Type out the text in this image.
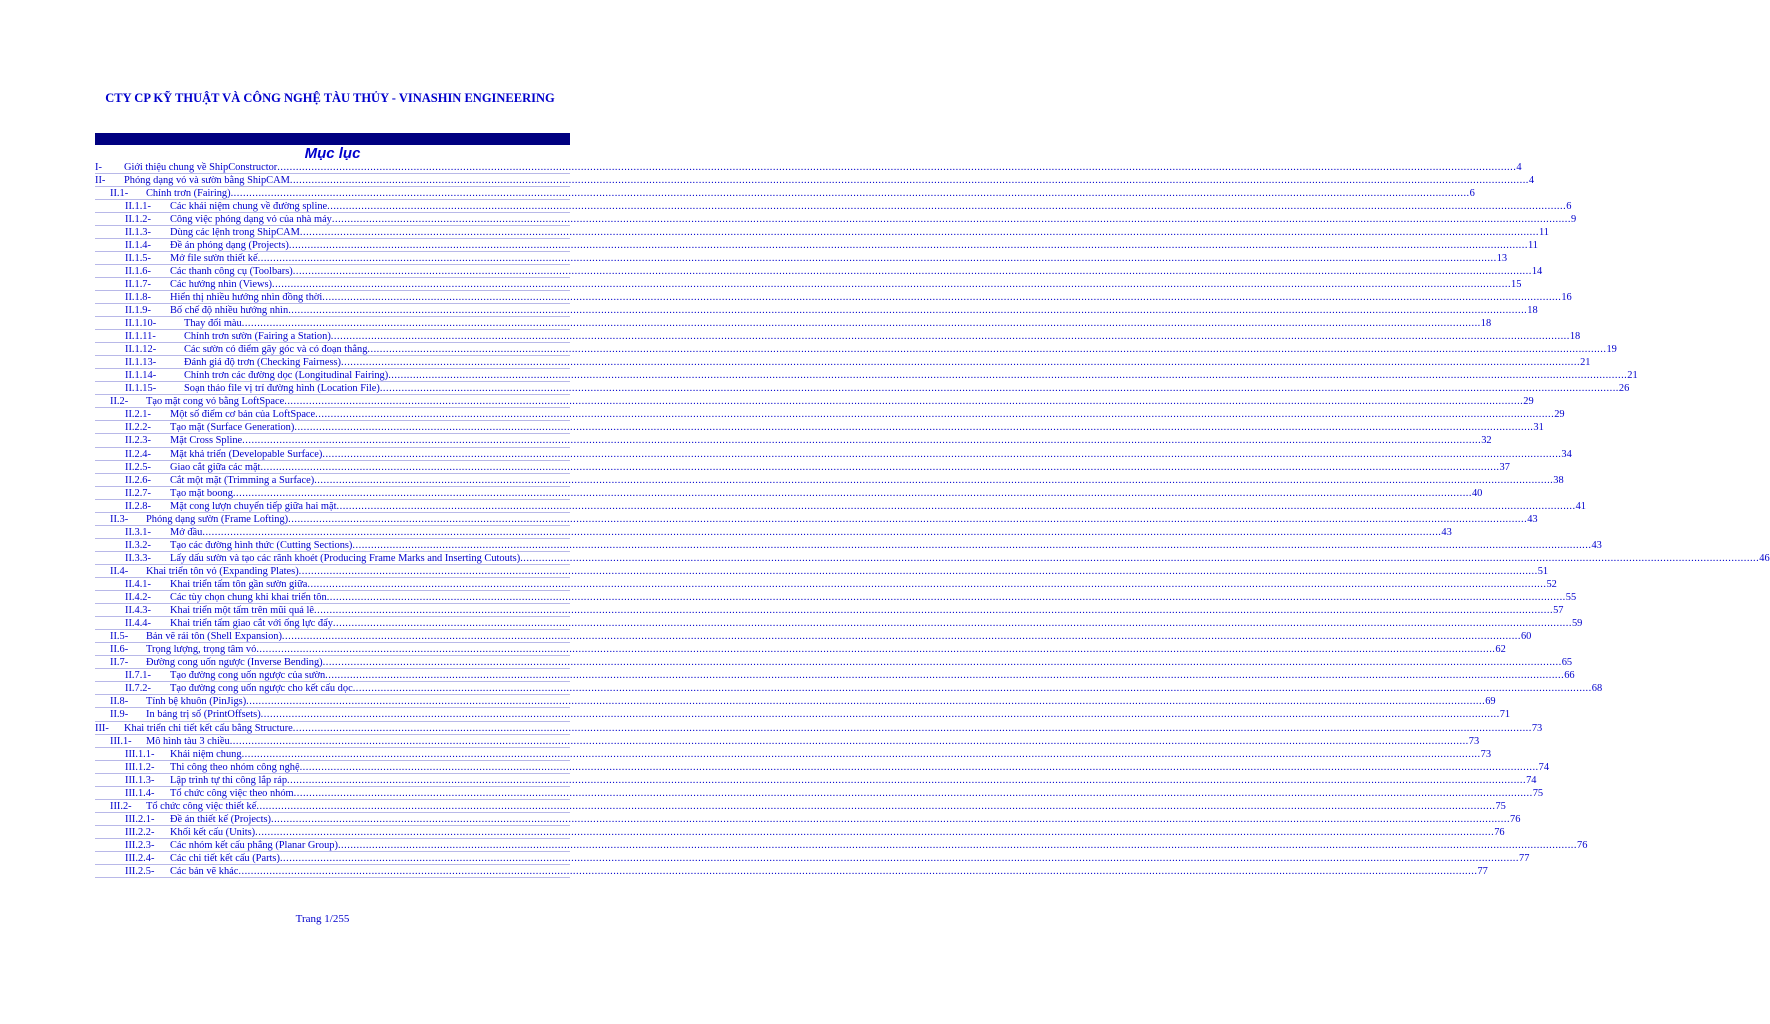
CTY CP KỸ THUẬT VÀ CÔNG NGHỆ TÀU THỦY - VINASHIN ENGINEERING
Mục lục
I- Giới thiệu chung về ShipConstructor ................................................................................................................................................................................................................................................................................................................................................................................................................ 4
II- Phóng dạng vỏ và sườn bằng ShipCAM ................................................................................................................................................................................................................................................................................................................................................................................................................ 4
II.1- Chỉnh trơn (Fairing) ................................................................................................................................................................................................................................................................................................................................................................................................................ 6
II.1.1- Các khái niệm chung về đường spline ................................................................................................................................................................................................................................................................................................................................................................................................................ 6
II.1.2- Công việc phóng dạng vỏ của nhà máy ................................................................................................................................................................................................................................................................................................................................................................................................................ 9
II.1.3- Dùng các lệnh trong ShipCAM ................................................................................................................................................................................................................................................................................................................................................................................................................ 11
II.1.4- Đề án phóng dạng (Projects) ................................................................................................................................................................................................................................................................................................................................................................................................................ 11
II.1.5- Mở file sườn thiết kế ................................................................................................................................................................................................................................................................................................................................................................................................................ 13
II.1.6- Các thanh công cụ (Toolbars) ................................................................................................................................................................................................................................................................................................................................................................................................................ 14
II.1.7- Các hướng nhìn (Views) ................................................................................................................................................................................................................................................................................................................................................................................................................ 15
II.1.8- Hiển thị nhiều hướng nhìn đồng thời ................................................................................................................................................................................................................................................................................................................................................................................................................ 16
II.1.9- Bố chế độ nhiều hướng nhìn ................................................................................................................................................................................................................................................................................................................................................................................................................ 18
II.1.10-	Thay đổi màu ................................................................................................................................................................................................................................................................................................................................................................................................................ 18
II.1.11-	Chỉnh trơn sườn (Fairing a Station) ................................................................................................................................................................................................................................................................................................................................................................................................................ 18
II.1.12-	Các sườn có điểm gãy góc và có đoạn thẳng ................................................................................................................................................................................................................................................................................................................................................................................................................ 19
II.1.13-	Đánh giá độ trơn (Checking Fairness) ................................................................................................................................................................................................................................................................................................................................................................................................................ 21
II.1.14-	Chỉnh trơn các đường dọc (Longitudinal Fairing) ................................................................................................................................................................................................................................................................................................................................................................................................................ 21
II.1.15-	Soạn thảo file vị trí đường hình (Location File) ................................................................................................................................................................................................................................................................................................................................................................................................................ 26
II.2- Tạo mặt cong vỏ bằng LoftSpace ................................................................................................................................................................................................................................................................................................................................................................................................................ 29
II.2.1- Một số điểm cơ bản của LoftSpace ................................................................................................................................................................................................................................................................................................................................................................................................................ 29
II.2.2- Tạo mặt (Surface Generation) ................................................................................................................................................................................................................................................................................................................................................................................................................ 31
II.2.3- Mặt Cross Spline ................................................................................................................................................................................................................................................................................................................................................................................................................ 32
II.2.4- Mặt khả triển (Developable Surface) ................................................................................................................................................................................................................................................................................................................................................................................................................ 34
II.2.5- Giao cắt giữa các mặt ................................................................................................................................................................................................................................................................................................................................................................................................................ 37
II.2.6- Cắt một mặt (Trimming a Surface) ................................................................................................................................................................................................................................................................................................................................................................................................................ 38
II.2.7- Tạo mặt boong ................................................................................................................................................................................................................................................................................................................................................................................................................ 40
II.2.8- Mặt cong lượn chuyển tiếp giữa hai mặt ................................................................................................................................................................................................................................................................................................................................................................................................................ 41
II.3- Phóng dạng sườn (Frame Lofting) ................................................................................................................................................................................................................................................................................................................................................................................................................ 43
II.3.1- Mở đầu ................................................................................................................................................................................................................................................................................................................................................................................................................ 43
II.3.2- Tạo các đường hình thức (Cutting Sections) ................................................................................................................................................................................................................................................................................................................................................................................................................ 43
II.3.3- Lấy dấu sườn và tạo các rãnh khoét (Producing Frame Marks and Inserting Cutouts) ................................................................................................................................................................................................................................................................................................................................................................................................................ 46
II.4- Khai triển tôn vỏ (Expanding Plates) ................................................................................................................................................................................................................................................................................................................................................................................................................ 51
II.4.1- Khai triển tấm tôn gần sườn giữa ................................................................................................................................................................................................................................................................................................................................................................................................................ 52
II.4.2- Các tùy chọn chung khi khai triển tôn ................................................................................................................................................................................................................................................................................................................................................................................................................ 55
II.4.3- Khai triển một tấm trên mũi quả lê ................................................................................................................................................................................................................................................................................................................................................................................................................ 57
II.4.4- Khai triển tấm giao cắt với ống lực đẩy ................................................................................................................................................................................................................................................................................................................................................................................................................ 59
II.5- Bản vẽ rải tôn (Shell Expansion) ................................................................................................................................................................................................................................................................................................................................................................................................................ 60
II.6- Trọng lượng, trọng tâm vỏ ................................................................................................................................................................................................................................................................................................................................................................................................................ 62
II.7- Đường cong uốn ngược (Inverse Bending) ................................................................................................................................................................................................................................................................................................................................................................................................................ 65
II.7.1- Tạo đường cong uốn ngược của sườn ................................................................................................................................................................................................................................................................................................................................................................................................................ 66
II.7.2- Tạo đường cong uốn ngược cho kết cấu dọc ................................................................................................................................................................................................................................................................................................................................................................................................................ 68
II.8- Tính bệ khuôn (PinJigs) ................................................................................................................................................................................................................................................................................................................................................................................................................ 69
II.9- In bảng trị số (PrintOffsets) ................................................................................................................................................................................................................................................................................................................................................................................................................ 71
III- Khai triển chi tiết kết cấu bằng Structure ................................................................................................................................................................................................................................................................................................................................................................................................................ 73
III.1- Mô hình tàu 3 chiều ................................................................................................................................................................................................................................................................................................................................................................................................................ 73
III.1.1- Khái niệm chung ................................................................................................................................................................................................................................................................................................................................................................................................................ 73
III.1.2- Thi công theo nhóm công nghệ ................................................................................................................................................................................................................................................................................................................................................................................................................ 74
III.1.3- Lập trình tự thi công lắp ráp ................................................................................................................................................................................................................................................................................................................................................................................................................ 74
III.1.4- Tổ chức công việc theo nhóm ................................................................................................................................................................................................................................................................................................................................................................................................................ 75
III.2- Tổ chức công việc thiết kế ................................................................................................................................................................................................................................................................................................................................................................................................................ 75
III.2.1- Đề án thiết kế (Projects) ................................................................................................................................................................................................................................................................................................................................................................................................................ 76
III.2.2- Khối kết cấu (Units) ................................................................................................................................................................................................................................................................................................................................................................................................................ 76
III.2.3- Các nhóm kết cấu phẳng (Planar Group) ................................................................................................................................................................................................................................................................................................................................................................................................................ 76
III.2.4- Các chi tiết kết cấu (Parts) ................................................................................................................................................................................................................................................................................................................................................................................................................ 77
III.2.5- Các bản vẽ khác ................................................................................................................................................................................................................................................................................................................................................................................................................ 77
Trang 1/255
